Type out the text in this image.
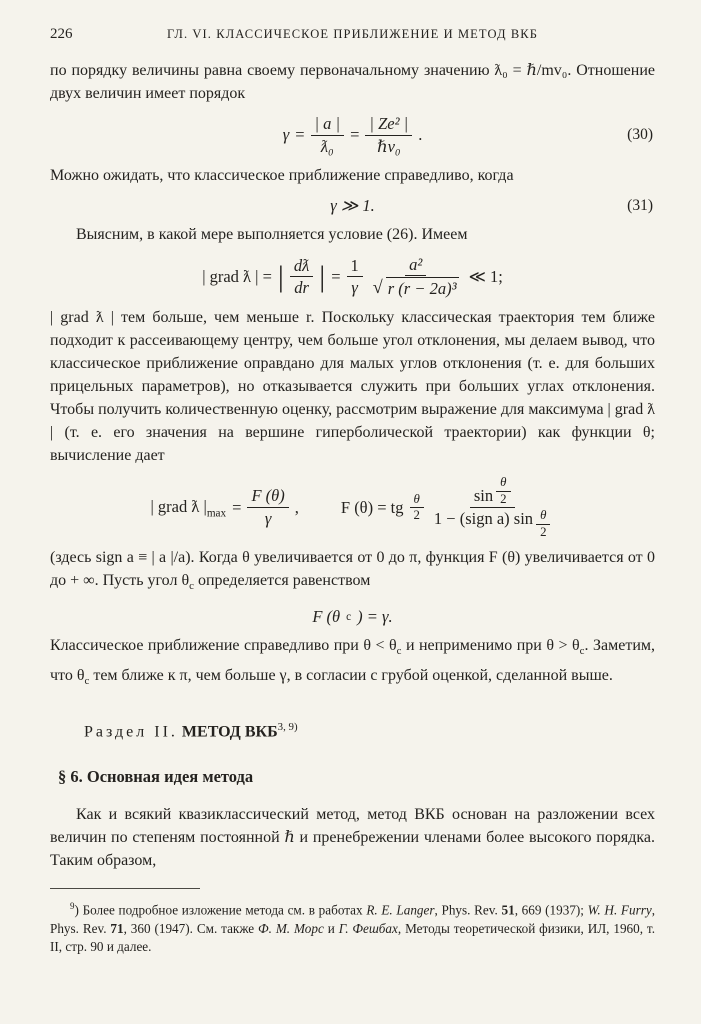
226	ГЛ. VI. КЛАССИЧЕСКОЕ ПРИБЛИЖЕНИЕ И МЕТОД ВКБ

по порядку величины равна своему первоначальному значению ƛ₀ = ℏ/mv₀. Отношение двух величин имеет порядок

$\gamma = \frac{| a |}{\text{ƛ₀}} = \frac{\text{| Ze² |}}{\text{ℏv₀}}$ .	(30)

Можно ожидать, что классическое приближение справедливо, когда

γ ≫ 1.	(31)

Выясним, в какой мере выполняется условие (26). Имеем

| grad ƛ | = | $\frac{dƛ}{dr}$ | = $\frac{1}{\gamma} \frac{\text{a²}}{\text{√ r (r − 2a)³}}$ ≪ 1;

| grad ƛ | тем больше, чем меньше r. Поскольку классическая траектория тем ближе подходит к рассеивающему центру, чем больше угол отклонения, мы делаем вывод, что классическое приближение оправдано для малых углов отклонения (т. е. для больших прицельных параметров), но отказывается служить при больших углах отклонения. Чтобы получить количественную оценку, рассмотрим выражение для максимума | grad ƛ | (т. е. его значения на вершине гиперболической траектории) как функции θ; вычисление дает

| grad ƛ $|_{max} = \frac{F (\theta)}{\gamma}$ ,	F (θ) = tg $\frac{\theta}{2} \frac{\sin \frac{\theta}{2}}{1 - (sign a) \sin \frac{\theta}{2}}$

(здесь sign a ≡ | a |/a). Когда θ увеличивается от 0 до π, функция F (θ) увеличивается от 0 до + ∞. Пусть угол $\theta_c$ определяется равенством

F (θ c ) = γ.

Классическое приближение справедливо при $\theta < \theta_c$ и неприменимо при $\theta > \theta_c$. Заметим, что $\theta_c$ тем ближе к π, чем больше γ, в согласии с грубой оценкой, сделанной выше.

Раздел II. МЕТОД ВКБ$^{3, 9)}$

§ 6. Основная идея метода

Как и всякий квазиклассический метод, метод ВКБ основан на разложении всех величин по степеням постоянной ℏ и пренебрежении членами более высокого порядка. Таким образом,

$^9$) Более подробное изложение метода см. в работах R. E. Langer, Phys. Rev. 51, 669 (1937); W. H. Furry, Phys. Rev. 71, 360 (1947). См. также Ф. М. Морс и Г. Фешбах, Методы теоретической физики, ИЛ, 1960, т. II, стр. 90 и далее.
